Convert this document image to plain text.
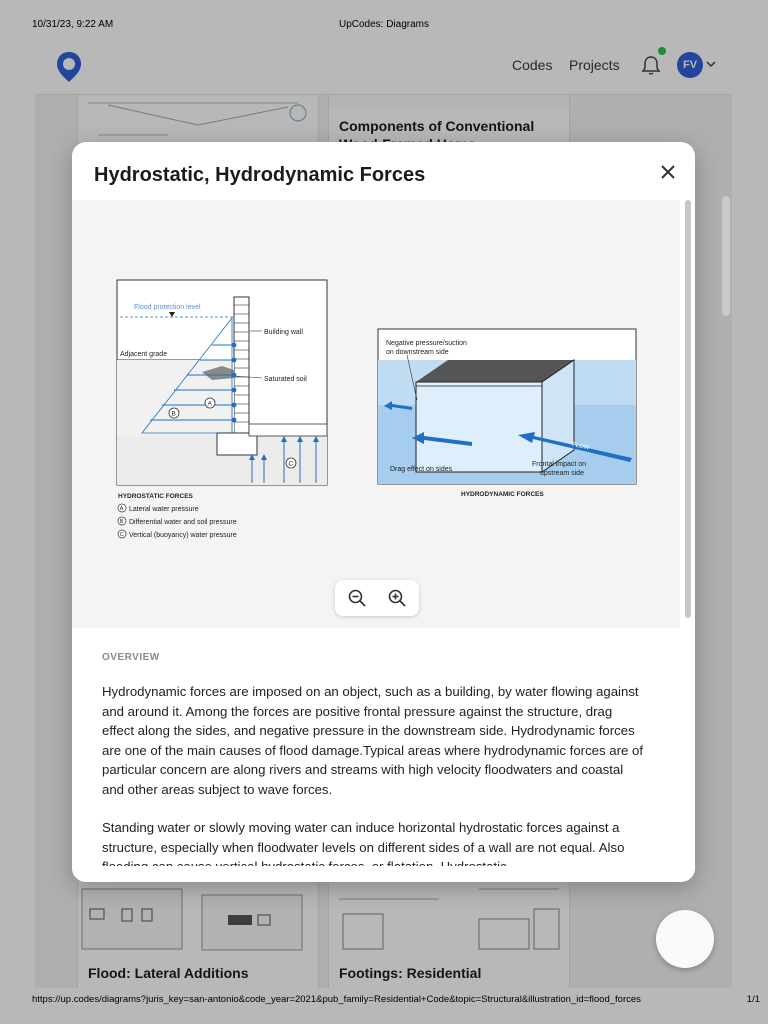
10/31/23, 9:22 AM	UpCodes: Diagrams
Codes Projects	FV
Components of Conventional
Flood: Lateral Additions	Footings: Residential
Hydrostatic, Hydrodynamic Forces
Flood protection level
Building wall
Adjacent grade
Saturated soil
A
B
C
HYDROSTATIC FORCES
A Lateral water pressure
B Differential water and soil pressure
C Vertical (buoyancy) water pressure
FLOW
Negative pressure/suction
on downstream side
Drag effect on sides
Frontal impact on
upstream side
HYDRODYNAMIC FORCES
OVERVIEW
Hydrodynamic forces are imposed on an object, such as a building, by water flowing against and around it. Among the forces are positive frontal pressure against the structure, drag effect along the sides, and negative pressure in the downstream side. Hydrodynamic forces are one of the main causes of flood damage.Typical areas where hydrodynamic forces are of particular concern are along rivers and streams with high velocity floodwaters and coastal and other areas subject to wave forces.
Standing water or slowly moving water can induce horizontal hydrostatic forces against a structure, especially when floodwater levels on different sides of a wall are not equal. Also
https://up.codes/diagrams?juris_key=san-antonio&code_year=2021&pub_family=Residential+Code&topic=Structural&illustration_id=flood_forces	1/1
